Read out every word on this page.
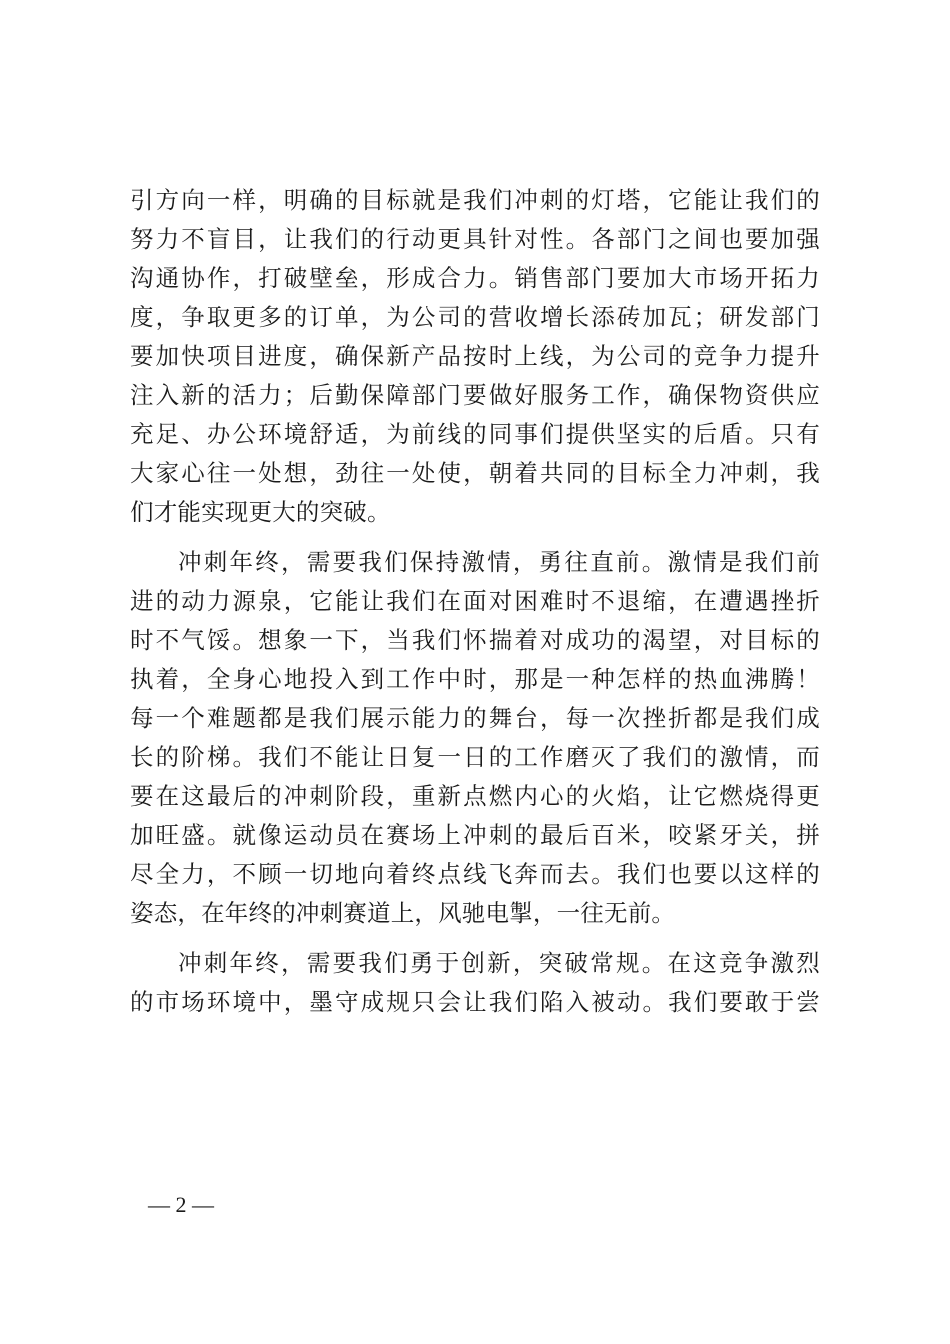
引方向一样，明确的目标就是我们冲刺的灯塔，它能让我们的
努力不盲目，让我们的行动更具针对性。各部门之间也要加强
沟通协作，打破壁垒，形成合力。销售部门要加大市场开拓力
度，争取更多的订单，为公司的营收增长添砖加瓦；研发部门
要加快项目进度，确保新产品按时上线，为公司的竞争力提升
注入新的活力；后勤保障部门要做好服务工作，确保物资供应
充足、办公环境舒适，为前线的同事们提供坚实的后盾。只有
大家心往一处想，劲往一处使，朝着共同的目标全力冲刺，我
们才能实现更大的突破。
冲刺年终，需要我们保持激情，勇往直前。激情是我们前
进的动力源泉，它能让我们在面对困难时不退缩，在遭遇挫折
时不气馁。想象一下，当我们怀揣着对成功的渴望，对目标的
执着，全身心地投入到工作中时，那是一种怎样的热血沸腾！
每一个难题都是我们展示能力的舞台，每一次挫折都是我们成
长的阶梯。我们不能让日复一日的工作磨灭了我们的激情，而
要在这最后的冲刺阶段，重新点燃内心的火焰，让它燃烧得更
加旺盛。就像运动员在赛场上冲刺的最后百米，咬紧牙关，拼
尽全力，不顾一切地向着终点线飞奔而去。我们也要以这样的
姿态，在年终的冲刺赛道上，风驰电掣，一往无前。
冲刺年终，需要我们勇于创新，突破常规。在这竞争激烈
的市场环境中，墨守成规只会让我们陷入被动。我们要敢于尝
— 2 —
